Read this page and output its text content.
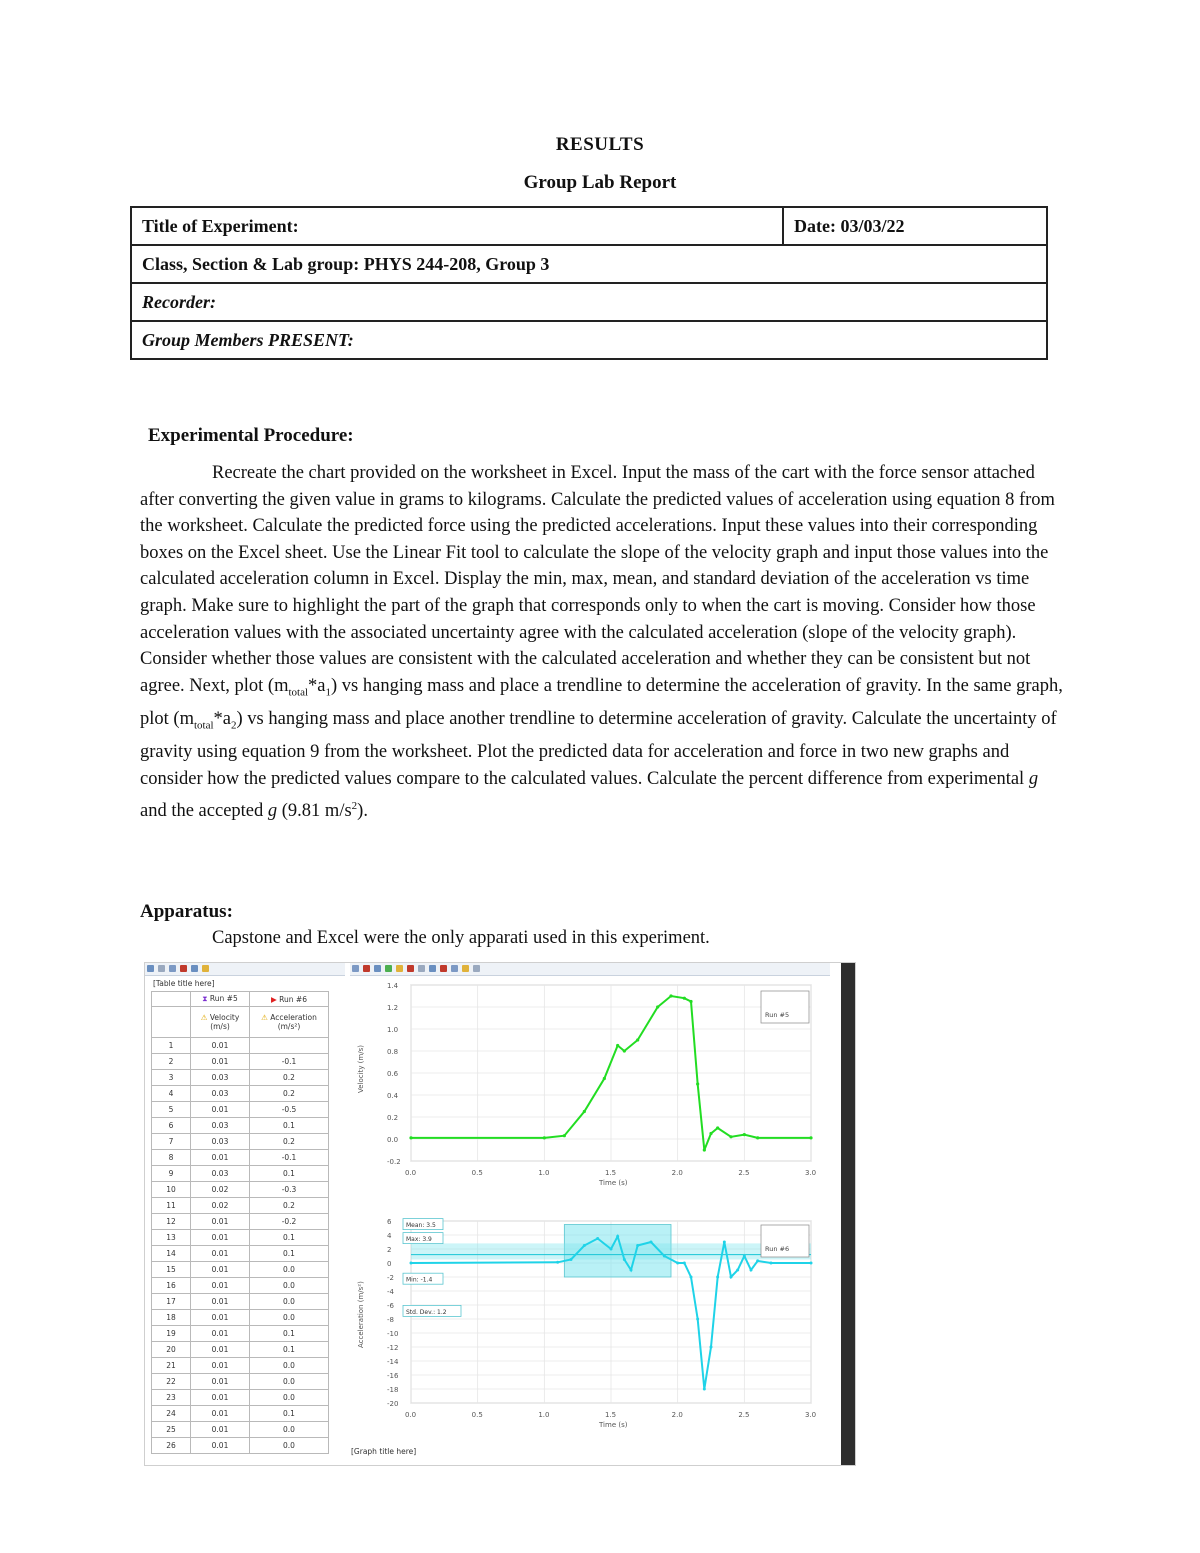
RESULTS
Group Lab Report
Title of Experiment:	Date: 03/03/22
Class, Section & Lab group: PHYS 244-208, Group 3
Recorder:
Group Members PRESENT:
Experimental Procedure:

Recreate the chart provided on the worksheet in Excel. Input the mass of the cart with the force sensor attached after converting the given value in grams to kilograms. Calculate the predicted values of acceleration using equation 8 from the worksheet. Calculate the predicted force using the predicted accelerations. Input these values into their corresponding boxes on the Excel sheet. Use the Linear Fit tool to calculate the slope of the velocity graph and input those values into the calculated acceleration column in Excel. Display the min, max, mean, and standard deviation of the acceleration vs time graph. Make sure to highlight the part of the graph that corresponds only to when the cart is moving. Consider how those acceleration values with the associated uncertainty agree with the calculated acceleration (slope of the velocity graph). Consider whether those values are consistent with the calculated acceleration and whether they can be consistent but not agree. Next, plot $(m_{total}*a_1)$ vs hanging mass and place a trendline to determine the acceleration of gravity. In the same graph, plot $(m_{total}*a_2)$ vs hanging mass and place another trendline to determine acceleration of gravity. Calculate the uncertainty of gravity using equation 9 from the worksheet. Plot the predicted data for acceleration and force in two new graphs and consider how the predicted values compare to the calculated values. Calculate the percent difference from experimental g and the accepted g (9.81 $m/s^2$).

Apparatus:
Capstone and Excel were the only apparati used in this experiment.
[Table title here]
	⧗ Run #5	▶ Run #6
	⚠ Velocity (m/s)	⚠ Acceleration (m/s²)
1	0.01	
2	0.01	-0.1
3	0.03	0.2
4	0.03	0.2
5	0.01	-0.5
6	0.03	0.1
7	0.03	0.2
8	0.01	-0.1
9	0.03	0.1
10	0.02	-0.3
11	0.02	0.2
12	0.01	-0.2
13	0.01	0.1
14	0.01	0.1
15	0.01	0.0
16	0.01	0.0
17	0.01	0.0
18	0.01	0.0
19	0.01	0.1
20	0.01	0.1
21	0.01	0.0
22	0.01	0.0
23	0.01	0.0
24	0.01	0.1
25	0.01	0.0
26	0.01	0.0
1.4
1.2
1.0
0.8
0.6
0.4
0.2
0.0
-0.2
0.0	0.5	1.0	1.5	2.0	2.5	3.0
Time (s)
Velocity (m/s)
Run #5
6
4
2
0
-2
-4
-6
-8
-10
-12
-14
-16
-18
-20
0.0	0.5	1.0	1.5	2.0	2.5	3.0
Time (s)
Acceleration (m/s²)
Mean: 3.5
Max: 3.9
Min: -1.4
Std. Dev.: 1.2
Run #6
[Graph title here]
